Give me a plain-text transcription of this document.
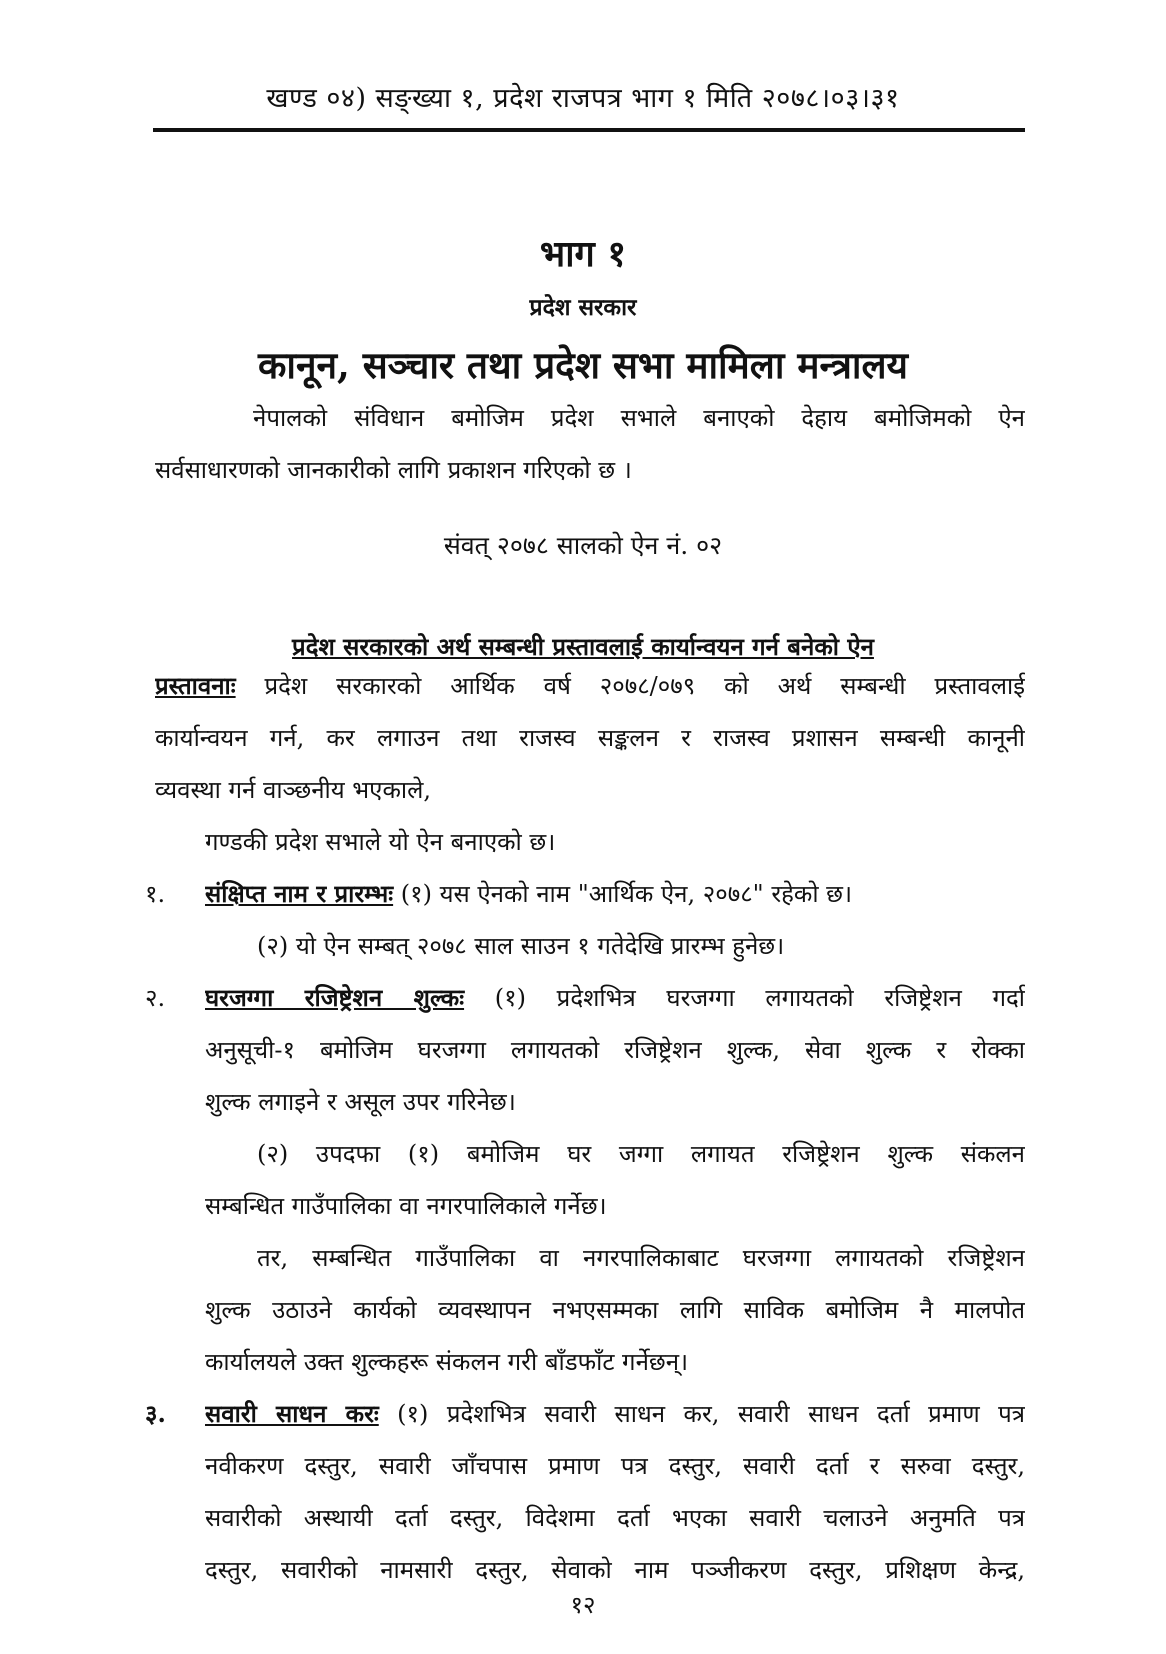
खण्ड ०४) सङ्ख्या १, प्रदेश राजपत्र भाग १ मिति २०७८।०३।३१
भाग १
प्रदेश सरकार
कानून, सञ्चार तथा प्रदेश सभा मामिला मन्त्रालय
नेपालको संविधान बमोजिम प्रदेश सभाले बनाएको देहाय बमोजिमको ऐन
सर्वसाधारणको जानकारीको लागि प्रकाशन गरिएको छ ।
संवत् २०७८ सालको ऐन नं. ०२
प्रदेश सरकारको अर्थ सम्बन्धी प्रस्तावलाई कार्यान्वयन गर्न बनेको ऐन
प्रस्तावनाः प्रदेश सरकारको आर्थिक वर्ष २०७८/०७९ को अर्थ सम्बन्धी प्रस्तावलाई
कार्यान्वयन गर्न, कर लगाउन तथा राजस्व सङ्कलन र राजस्व प्रशासन सम्बन्धी कानूनी
व्यवस्था गर्न वाञ्छनीय भएकाले,
गण्डकी प्रदेश सभाले यो ऐन बनाएको छ।
१.	संक्षिप्त नाम र प्रारम्भः (१) यस ऐनको नाम "आर्थिक ऐन, २०७८" रहेको छ।
(२) यो ऐन सम्बत् २०७८ साल साउन १ गतेदेखि प्रारम्भ हुनेछ।
२.	घरजग्गा रजिष्ट्रेशन शुल्कः (१) प्रदेशभित्र घरजग्गा लगायतको रजिष्ट्रेशन गर्दा
अनुसूची-१ बमोजिम घरजग्गा लगायतको रजिष्ट्रेशन शुल्क, सेवा शुल्क र रोक्का
शुल्क लगाइने र असूल उपर गरिनेछ।
(२) उपदफा (१) बमोजिम घर जग्गा लगायत रजिष्ट्रेशन शुल्क संकलन
सम्बन्धित गाउँपालिका वा नगरपालिकाले गर्नेछ।
तर, सम्बन्धित गाउँपालिका वा नगरपालिकाबाट घरजग्गा लगायतको रजिष्ट्रेशन
शुल्क उठाउने कार्यको व्यवस्थापन नभएसम्मका लागि साविक बमोजिम नै मालपोत
कार्यालयले उक्त शुल्कहरू संकलन गरी बाँडफाँट गर्नेछन्।
३.	सवारी साधन करः (१) प्रदेशभित्र सवारी साधन कर, सवारी साधन दर्ता प्रमाण पत्र
नवीकरण दस्तुर, सवारी जाँचपास प्रमाण पत्र दस्तुर, सवारी दर्ता र सरुवा दस्तुर,
सवारीको अस्थायी दर्ता दस्तुर, विदेशमा दर्ता भएका सवारी चलाउने अनुमति पत्र
दस्तुर, सवारीको नामसारी दस्तुर, सेवाको नाम पञ्जीकरण दस्तुर, प्रशिक्षण केन्द्र,
१२
